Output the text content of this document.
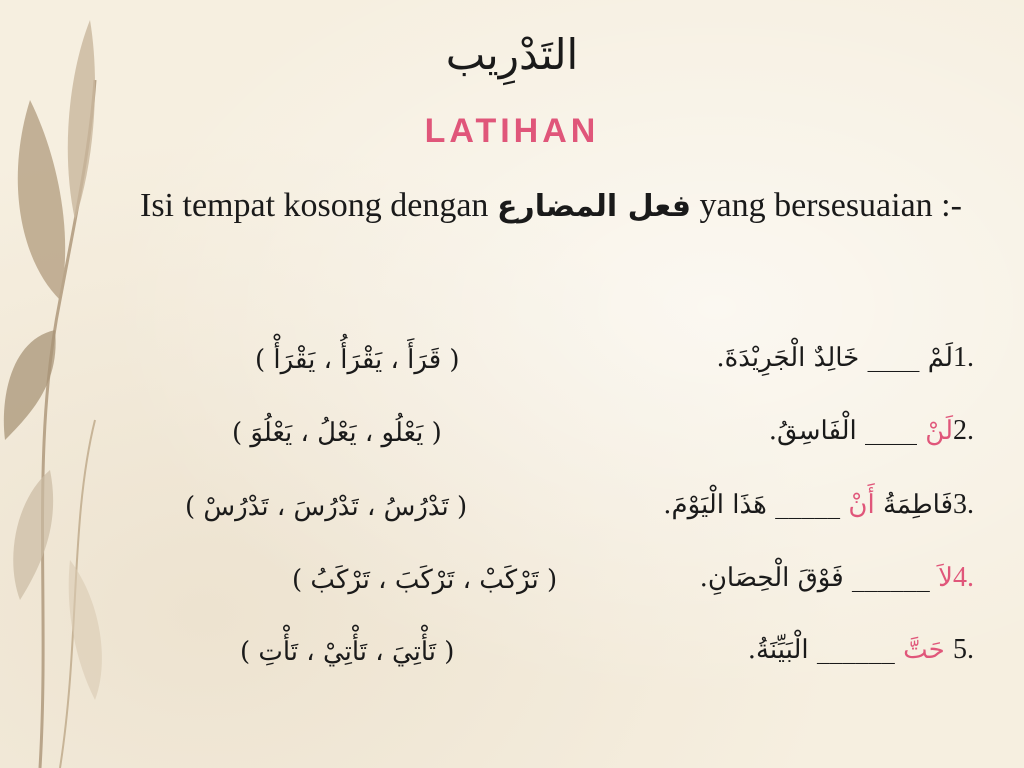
التَدْرِيب
LATIHAN
Isi tempat kosong dengan فعل المضارع yang bersesuaian :-
( قَرَأَ ، يَقْرَأُ ، يَقْرَأْ )	خَالِدٌ الْجَرِيْدَةَ. ____ لَمْ1.
( يَعْلُو ، يَعْلُ ، يَعْلُوَ )	الْفَاسِقُ. ____ لَنْ2.
( تَدْرُسُ ، تَدْرُسَ ، تَدْرُسْ )	هَذَا الْيَوْمَ. _____ أَنْ فَاطِمَةُ3.
( تَرْكَبْ ، تَرْكَبَ ، تَرْكَبُ )	فَوْقَ الْحِصَانِ. ______ لاَ4.
( تَأْتِيَ ، تَأْتِيْ ، تَأْتِ )	الْبَيِّنَةُ. ______ حَتَّ 5.
